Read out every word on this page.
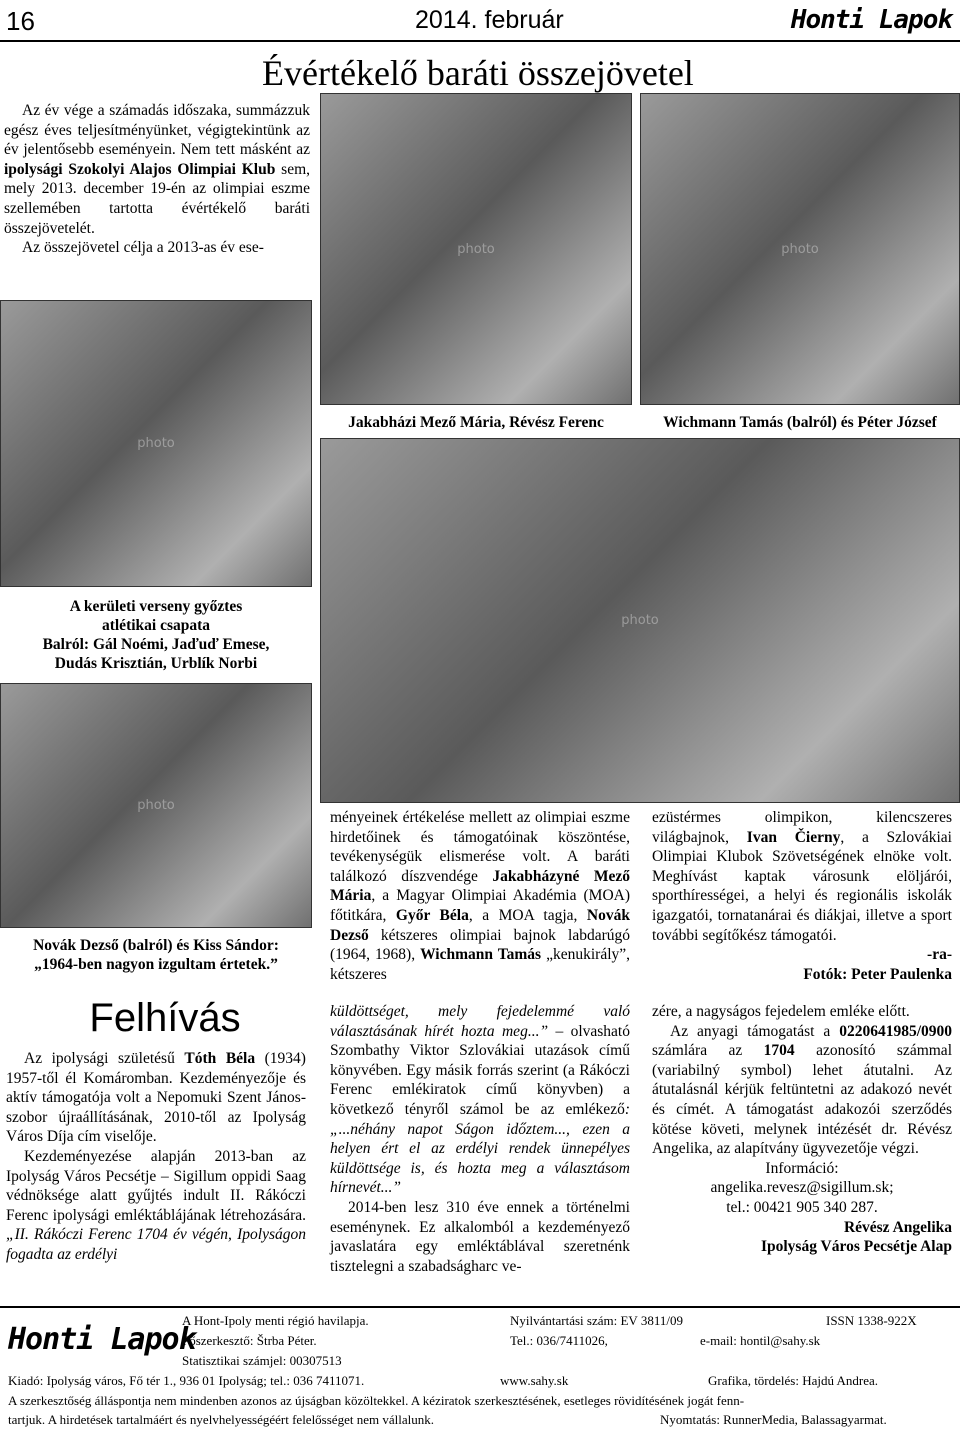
16	2014. február	Honti Lapok
Évértékelő baráti összejövetel

Az év vége a számadás időszaka, summázzuk egész éves teljesítményünket, végigtekintünk az év jelentősebb eseményein. Nem tett másként az ipolysági Szokolyi Alajos Olimpiai Klub sem, mely 2013. december 19-én az olimpiai eszme szellemében tartotta évértékelő baráti összejövetelét.

Az összejövetel célja a 2013-as év ese-	photo	photo
photo
photo
photo
Jakabházi Mező Mária, Révész Ferenc	Wichmann Tamás (balról) és Péter József
A kerületi verseny győztes
atlétikai csapata
Balról: Gál Noémi, Jaďuď Emese,
Dudás Krisztián, Urblík Norbi
Novák Dezső (balról) és Kiss Sándor:
„1964-ben nagyon izgultam értetek.”

ményeinek értékelése mellett az olimpiai eszme hirdetőinek és támogatóinak köszöntése, tevékenységük elismerése volt. A baráti találkozó díszvendége Jakabházyné Mező Mária, a Magyar Olimpiai Akadémia (MOA) főtitkára, Győr Béla, a MOA tagja, Novák Dezső kétszeres olimpiai bajnok labdarúgó (1964, 1968), Wichmann Tamás „kenukirály”, kétszeres

ezüstérmes olimpikon, kilencszeres világbajnok, Ivan Čierny, a Szlovákiai Olimpiai Klubok Szövetségének elnöke volt. Meghívást kaptak városunk elöljárói, sporthírességei, a helyi és regionális iskolák igazgatói, tornatanárai és diákjai, illetve a sport további segítőkész támogatói.

-ra-

Fotók: Peter Paulenka

Felhívás

Az ipolysági születésű Tóth Béla (1934) 1957-től él Komáromban. Kezdeményezője és aktív támogatója volt a Nepomuki Szent János-szobor újraállításának, 2010-től az Ipolyság Város Díja cím viselője.

Kezdeményezése alapján 2013-ban az Ipolyság Város Pecsétje – Sigillum oppidi Saag védnöksége alatt gyűjtés indult II. Rákóczi Ferenc ipolysági emléktáblájának létrehozására. „II. Rákóczi Ferenc 1704 év végén, Ipolyságon fogadta az erdélyi

küldöttséget, mely fejedelemmé való választásának hírét hozta meg...” – olvasható Szombathy Viktor Szlovákiai utazások című könyvében. Egy másik forrás szerint (a Rákóczi Ferenc emlékiratok című könyvben) a következő tényről számol be az emlékező: „...néhány napot Ságon időztem..., ezen a helyen ért el az erdélyi rendek ünnepélyes küldöttsége is, és hozta meg a választásom hírnevét...”

2014-ben lesz 310 éve ennek a történelmi eseménynek. Ez alkalomból a kezdeményező javaslatára egy emléktáblával szeretnénk tisztelegni a szabadságharc ve-

zére, a nagyságos fejedelem emléke előtt.

Az anyagi támogatást a 0220641985/0900 számlára az 1704 azonosító számmal (variabilný symbol) lehet átutalni. Az átutalásnál kérjük feltüntetni az adakozó nevét és címét. A támogatást adakozói szerződés kötése követi, melynek intézését dr. Révész Angelika, az alapítvány ügyvezetője végzi.

Információ:

angelika.revesz@sigillum.sk;

tel.: 00421 905 340 287.

Révész Angelika

Ipolyság Város Pecsétje Alap

Honti Lapok
A Hont-Ipoly menti régió havilapja.	Nyilvántartási szám: EV 3811/09	ISSN 1338-922X
Főszerkesztő: Štrba Péter.	Tel.: 036/7411026,	e-mail: hontil@sahy.sk
Statisztikai számjel: 00307513
Kiadó: Ipolyság város, Fő tér 1., 936 01 Ipolyság; tel.: 036 7411071.	www.sahy.sk	Grafika, tördelés: Hajdú Andrea.
A szerkesztőség álláspontja nem mindenben azonos az újságban közöltekkel. A kéziratok szerkesztésének, esetleges rövidítésének jogát fenn-
tartjuk. A hirdetések tartalmáért és nyelvhelyességéért felelősséget nem vállalunk.	Nyomtatás: RunnerMedia, Balassagyarmat.
